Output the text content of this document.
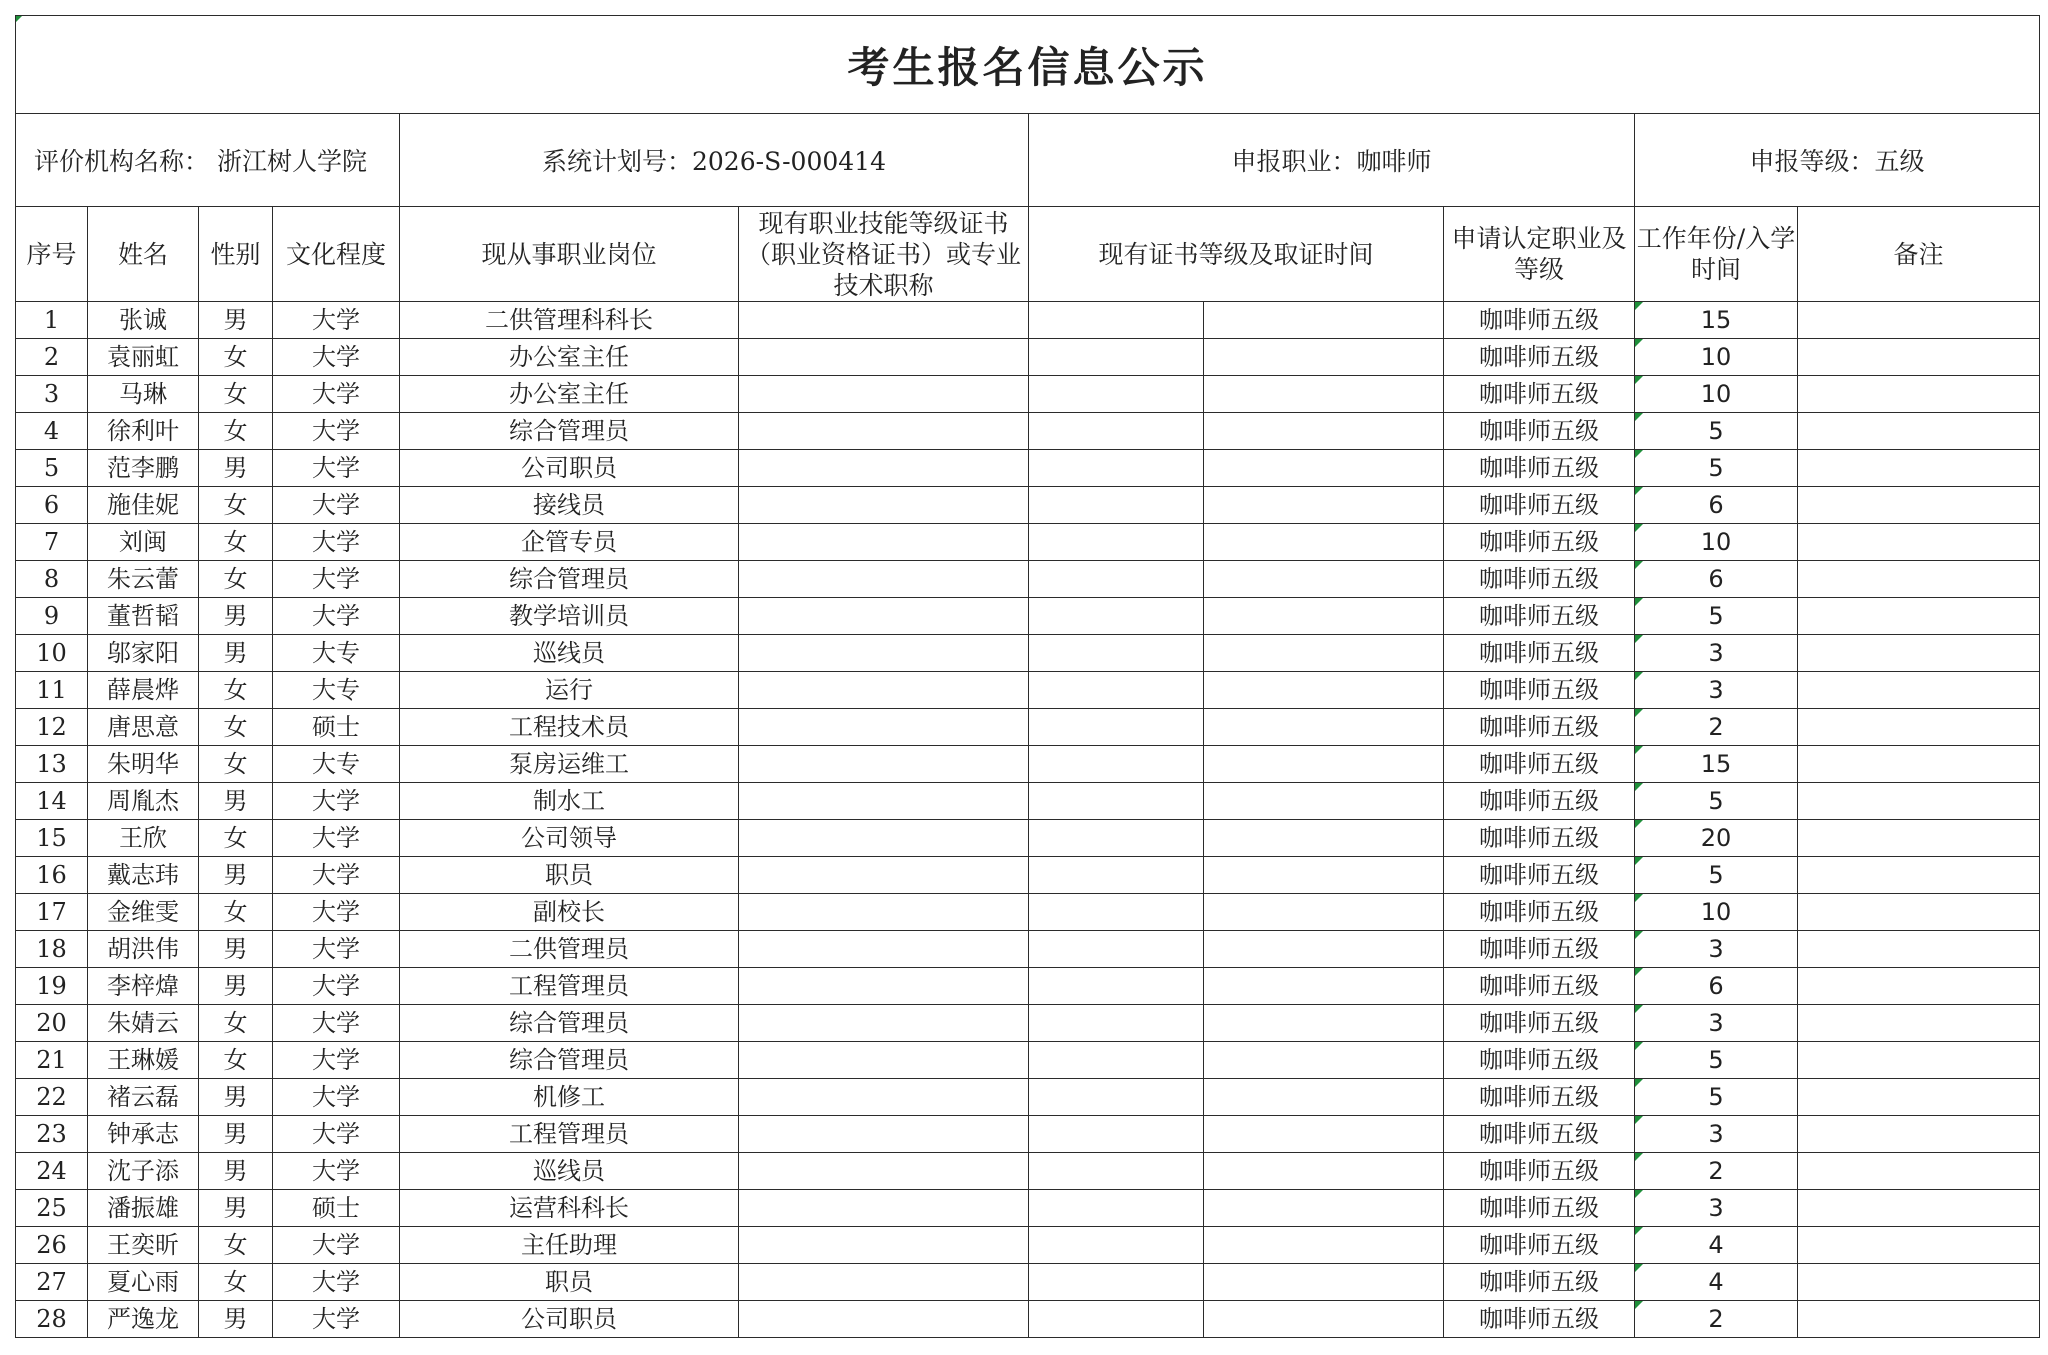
考生报名信息公示										
评价机构名称： 浙江树人学院				系统计划号：2026-S-000414		申报职业：咖啡师			申报等级：五级	
序号	姓名	性别	文化程度	现从事职业岗位	现有职业技能等级证书（职业资格证书）或专业技术职称	现有证书等级及取证时间		申请认定职业及等级	工作年份/入学时间	备注
1	张诚	男	大学	二供管理科科长				咖啡师五级	15	
2	袁丽虹	女	大学	办公室主任				咖啡师五级	10	
3	马琳	女	大学	办公室主任				咖啡师五级	10	
4	徐利叶	女	大学	综合管理员				咖啡师五级	5	
5	范李鹏	男	大学	公司职员				咖啡师五级	5	
6	施佳妮	女	大学	接线员				咖啡师五级	6	
7	刘闽	女	大学	企管专员				咖啡师五级	10	
8	朱云蕾	女	大学	综合管理员				咖啡师五级	6	
9	董哲韬	男	大学	教学培训员				咖啡师五级	5	
10	邬家阳	男	大专	巡线员				咖啡师五级	3	
11	薛晨烨	女	大专	运行				咖啡师五级	3	
12	唐思意	女	硕士	工程技术员				咖啡师五级	2	
13	朱明华	女	大专	泵房运维工				咖啡师五级	15	
14	周胤杰	男	大学	制水工				咖啡师五级	5	
15	王欣	女	大学	公司领导				咖啡师五级	20	
16	戴志玮	男	大学	职员				咖啡师五级	5	
17	金维雯	女	大学	副校长				咖啡师五级	10	
18	胡洪伟	男	大学	二供管理员				咖啡师五级	3	
19	李梓煒	男	大学	工程管理员				咖啡师五级	6	
20	朱婧云	女	大学	综合管理员				咖啡师五级	3	
21	王琳媛	女	大学	综合管理员				咖啡师五级	5	
22	褚云磊	男	大学	机修工				咖啡师五级	5	
23	钟承志	男	大学	工程管理员				咖啡师五级	3	
24	沈子添	男	大学	巡线员				咖啡师五级	2	
25	潘振雄	男	硕士	运营科科长				咖啡师五级	3	
26	王奕昕	女	大学	主任助理				咖啡师五级	4	
27	夏心雨	女	大学	职员				咖啡师五级	4	
28	严逸龙	男	大学	公司职员				咖啡师五级	2	
